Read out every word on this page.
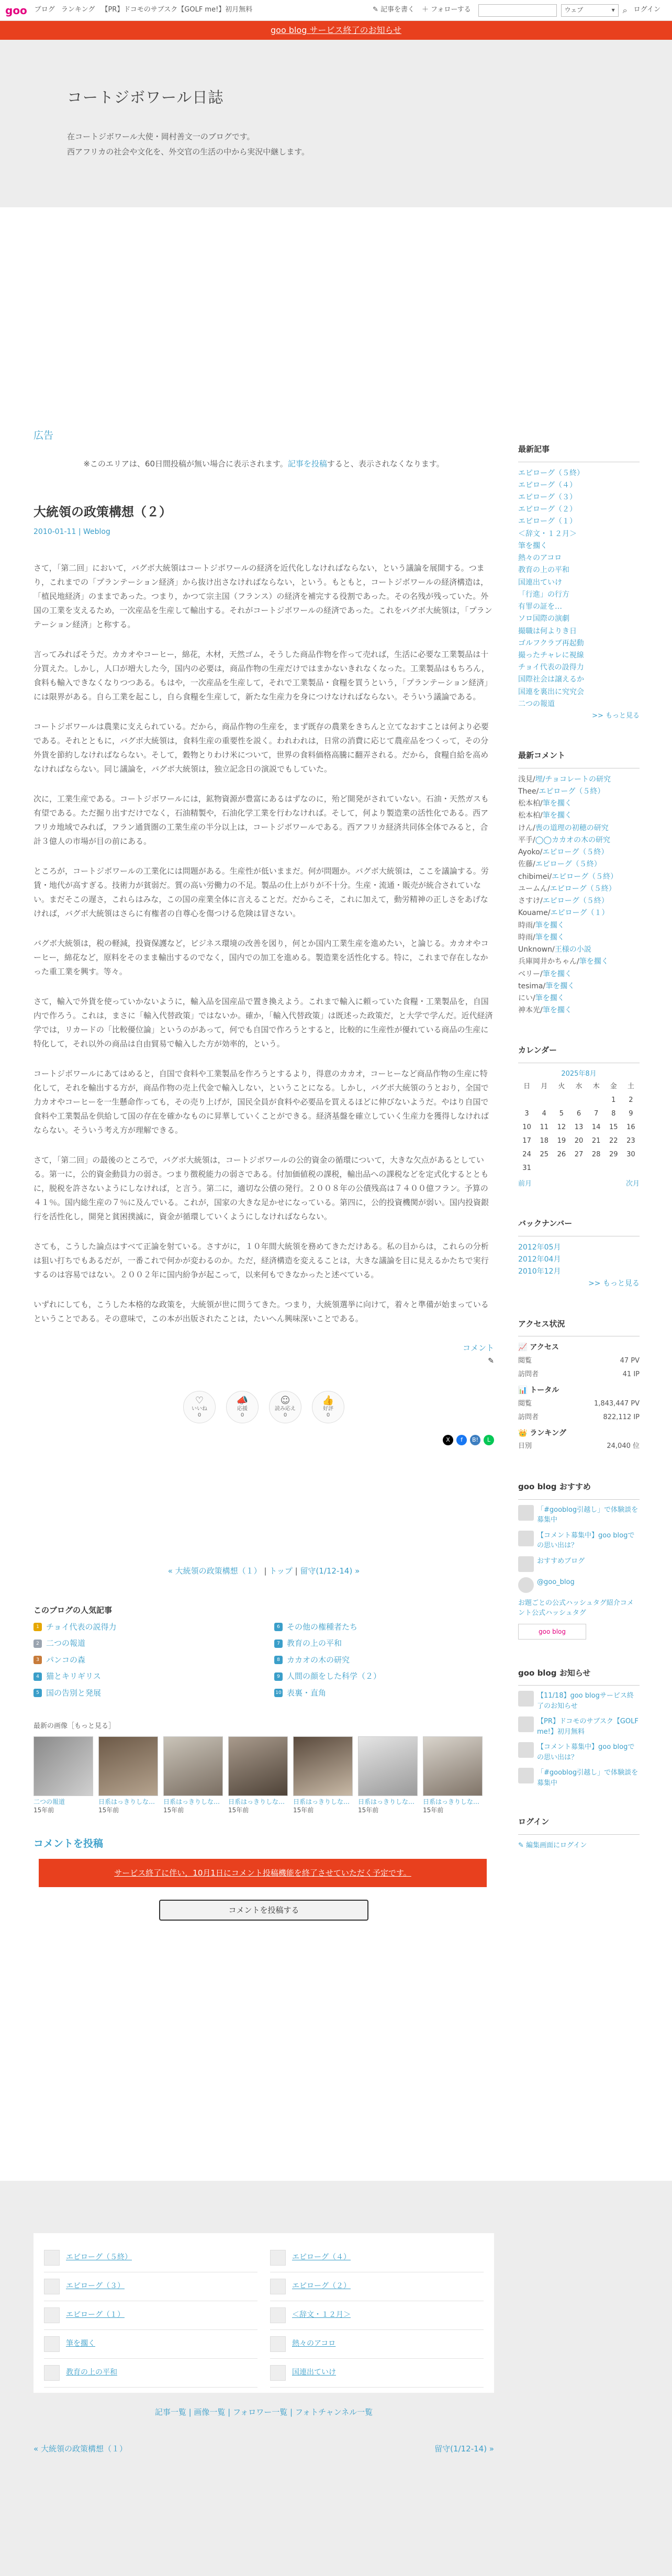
goo ブログ ランキング 【PR】ドコモのサブスク【GOLF me!】初月無料	✎ 記事を書く ＋ フォローする	ウェブ	▾ ⌕ ログイン
goo blog サービス終了のお知らせ
コートジボワール日誌
在コートジボワール大使・岡村善文一のブログです。
西アフリカの社会や文化を、外交官の生活の中から実況中継します。
広告
※このエリアは、60日間投稿が無い場合に表示されます。記事を投稿すると、表示されなくなります。
大統領の政策構想（２）
2010-01-11 | Weblog

さて，「第二回」において，バグボ大統領はコートジボワールの経済を近代化しなければならない，という議論を展開する。つまり，これまでの「プランテーション経済」から抜け出さなければならない，という。もともと，コートジボワールの経済構造は，「植民地経済」のままであった。つまり，かつて宗主国（フランス）の経済を補完する役割であった。その名残が残っていた。外国の工業を支えるため，一次産品を生産して輸出する。それがコートジボワールの経済であった。これをバグボ大統領は，「プランテーション経済」と称する。

言ってみればそうだ。カカオやコーヒー，綿花，木材，天然ゴム，そうした商品作物を作って売れば，生活に必要な工業製品は十分買えた。しかし，人口が増大した今，国内の必要は，商品作物の生産だけではまかないきれなくなった。工業製品はもちろん，食料も輸入できなくなりつつある。もはや，一次産品を生産して，それで工業製品・食糧を買うという，「プランテーション経済」には限界がある。自ら工業を起こし，自ら食糧を生産して，新たな生産力を身につけなければならない。そういう議論である。

コートジボワールは農業に支えられている。だから，商品作物の生産を，まず既存の農業をきちんと立てなおすことは何より必要である。それとともに，バグボ大統領は，食料生産の重要性を説く。われわれは，日常の消費に応じて農産品をつくって，その分外貨を節約しなければならない。そして，穀物とりわけ米について，世界の食料価格高騰に翻弄される。だから，食糧自給を高めなければならない。同じ議論を，バグボ大統領は，独立記念日の演説でもしていた。

次に，工業生産である。コートジボワールには，鉱物資源が豊富にあるはずなのに，殆ど開発がされていない。石油・天然ガスも有望である。ただ掘り出すだけでなく，石油精製や，石油化学工業を行わなければ。そして，何より製造業の活性化である。西アフリカ地域でみれば，フラン通貨圏の工業生産の半分以上は，コートジボワールである。西アフリカ経済共同体全体でみると，合計３億人の市場が目の前にある。

ところが，コートジボワールの工業化には問題がある。生産性が低いままだ。何が問題か。バグボ大統領は，ここを議論する。労賃・地代が高すぎる。技術力が貧弱だ。質の高い労働力の不足。製品の仕上がりが不十分。生産・流通・販売が統合されていない。まだそこの遅さ，これらはみな，この国の産業全体に言えることだ。だからこそ，これに加えて，動労精神の正しさをあげなければ，バグボ大統領はさらに有権者の自尊心を傷つける危険は冒さない。

バグボ大統領は，税の軽減，投資保護など，ビジネス環境の改善を図り，何とか国内工業生産を進めたい，と論じる。カカオやコーヒー，綿花など，原料をそのまま輸出するのでなく，国内での加工を進める。製造業を活性化する。特に，これまで存在しなかった重工業を興す。等々。

さて，輸入で外貨を使っていかないように，輸入品を国産品で置き換えよう。これまで輸入に頼っていた食糧・工業製品を，自国内で作ろう。これは，まさに「輸入代替政策」ではないか。確か，「輸入代替政策」は既述った政策だ，と大学で学んだ。近代経済学では，リカードの「比較優位論」というのがあって，何でも自国で作ろうとすると，比較的に生産性が優れている商品の生産に特化して，それ以外の商品は自由貿易で輸入した方が効率的，という。

コートジボワールにあてはめると，自国で食料や工業製品を作ろうとするより，得意のカカオ，コーヒーなど商品作物の生産に特化して，それを輸出する方が，商品作物の売上代金で輸入しない，ということになる。しかし，バグボ大統領のうとおり，全国で力カオやコーヒーを一生懸命作っても，その売り上げが，国民全員が食料や必要品を買えるほどに伸びないようだ。やはり自国で食料や工業製品を供給して国の存在を確かなものに昇華していくことができる。経済基盤を確立していく生産力を獲得しなければならない。そういう考え方が理解できる。

さて，「第二回」の最後のところで，バグボ大統領は，コートジボワールの公的資金の循環について，大きな欠点があるとしている。第一に，公的資金動員力の弱さ。つまり徴税能力の弱さである。付加価値税の課税，輸出品への課税などを定式化するとともに，脱税を許さないようにしなければ，と言う。第二に，適切な公債の発行。２００８年の公債残高は７４００億フラン。予算の４１％。国内総生産の７％に及んでいる。これが，国家の大きな足かせになっている。第四に，公的投資機関が弱い。国内投資銀行を活性化し，開発と貧困撲滅に，資金が循環していくようにしなければならない。

さても，こうした論点はすべて正論を射ている。さすがに，１０年間大統領を務めてきただけある。私の目からは，これらの分析は狙い打ちでもあるだが，一番これで何かが変わるのか。ただ，経済構造を変えることは，大きな議論を目に見えるかたちで実行するのは容易ではない。２００２年に国内紛争が起こって，以来何もできなかったと述べている。

いずれにしても，こうした本格的な政策を，大統領が世に問うてきた。つまり，大統領選挙に向けて，着々と準備が始まっているということである。その意味で，この本が出版されたことは，たいへん興味深いことである。

コメント
✎
♡
いいね
0
📣
応援
0
☺
読み応え
0
👍
好評
0
X	f	B!	L
« 大統領の政策構想（１） | トップ | 留守(1/12-14) »
このブログの人気記事
1 チョイ代表の説得力	6 その他の権種者たち
2 二つの報道	7 教育の上の平和
3 パンコの森	8 カカオの木の研究
4 猫とキリギリス	9 人間の顔をした科学（２）
5 国の告別と発展	10 表裏・直角
最新の画像［もっと見る］
二つの報道
15年前
日系はっきりしな…
15年前
日系はっきりしな…
15年前
日系はっきりしな…
15年前
日系はっきりしな…
15年前
日系はっきりしな…
15年前
日系はっきりしな…
15年前
コメントを投稿
サービス終了に伴い，10月1日にコメント投稿機能を終了させていただく予定です。
コメントを投稿する
最新記事
エピローグ（５終）
エピローグ（４）
エピローグ（３）
エピローグ（２）
エピローグ（１）
＜辞文・１２月＞
筆を擱く
熱々のアコロ
教育の上の平和
国連出ていけ
「行進」の行方
有罪の証を…
ソロ国際の演劇
撮職は何よりき日
ゴルフクラブ再起動
撮ったチャレに視線
チョイ代表の設得力
国際社会は譲えるか
国連を裏出に究究会
二つの報道
>> もっと見る
最新コメント
浅見/埋/チョコレートの研究
Thee/エピローグ（５終）
松本柏/筆を擱く
松本柏/筆を擱く
けん/喪の道理の初穂の研究
平手/◯◯カカオの木の研究
Ayoko/エピローグ（５終）
佐藤/エピローグ（５終）
chibimei/エピローグ（５終）
ユームん/エピローグ（５終）
さすけ/エピローグ（５終）
Kouame/エピローグ（１）
時雨/筆を擱く
時雨/筆を擱く
Unknown/王様の小説
兵庫岡井かちゃん/筆を擱く
ベリー/筆を擱く
tesima/筆を擱く
にい/筆を擱く
神本光/筆を擱く
カレンダー
2025年8月
日	月	火	水	木	金	土
					1	2
3	4	5	6	7	8	9
10	11	12	13	14	15	16
17	18	19	20	21	22	23
24	25	26	27	28	29	30
31						
前月	次月
バックナンバー
2012年05月
2012年04月
2010年12月
>> もっと見る
アクセス状況
📈 アクセス
閲覧	47 PV
訪問者	41 IP
📊 トータル
閲覧	1,843,447 PV
訪問者	822,112 IP
👑 ランキング
日別	24,040 位
goo blog おすすめ
「#gooblog引越し」で体験談を募集中
【コメント募集中】goo blogでの思い出は？
おすすめブログ
@goo_blog
お題ごとの公式ハッシュタグ紹介コメント公式ハッシュタグ
goo blog
goo blog お知らせ
【11/18】goo blogサービス終了のお知らせ
【PR】ドコモのサブスク【GOLF me!】初月無料
【コメント募集中】goo blogでの思い出は？
「#gooblog引越し」で体験談を募集中
ログイン
✎ 編集画面にログイン
エピローグ（５終）	エピローグ（４）
エピローグ（３）	エピローグ（２）
エピローグ（１）	＜辞文・１２月＞
筆を擱く	熱々のアコロ
教育の上の平和	国連出ていけ
記事一覧 | 画像一覧 | フォロワー一覧 | フォトチャンネル一覧
« 大統領の政策構想（１）	留守(1/12-14) »
